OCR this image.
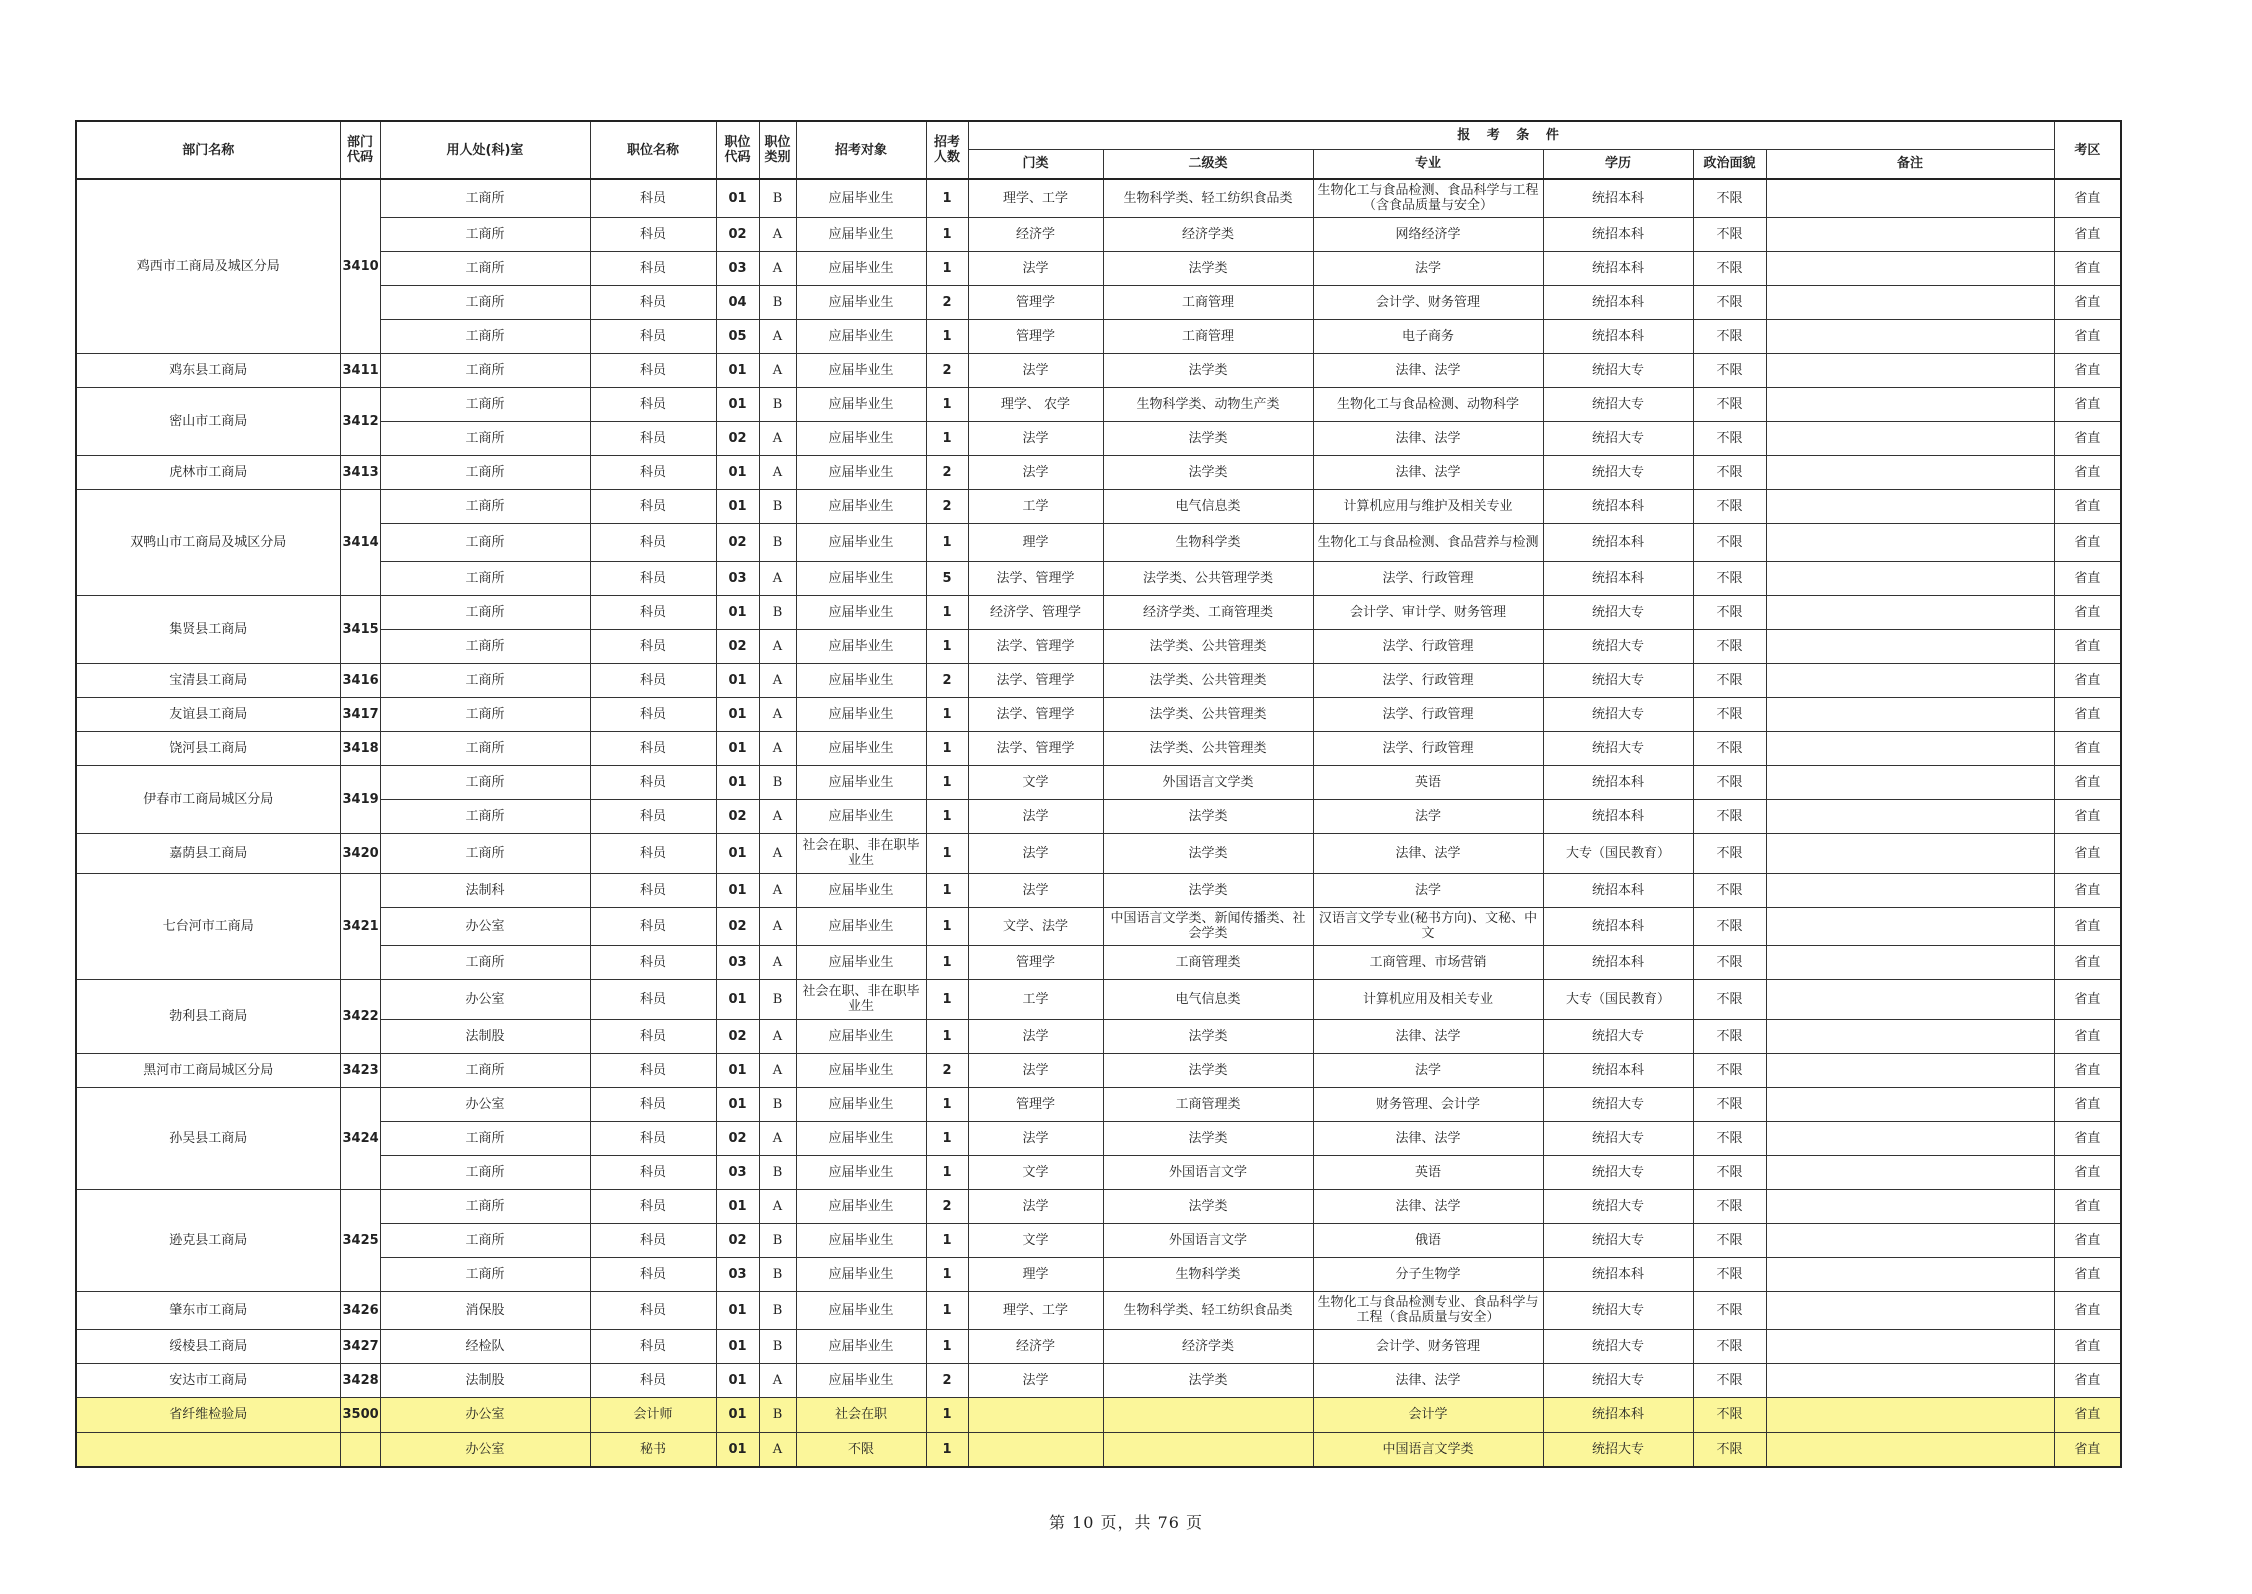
部门名称	部门代码	用人处(科)室	职位名称	职位代码	职位类别	招考对象	招考人数	报 考 条 件						考区
								门类	二级类	专业	学历	政治面貌	备注	
鸡西市工商局及城区分局	3410	工商所	科员	01	B	应届毕业生	1	理学、工学	生物科学类、轻工纺织食品类	生物化工与食品检测、食品科学与工程（含食品质量与安全）	统招本科	不限		省直
		工商所	科员	02	A	应届毕业生	1	经济学	经济学类	网络经济学	统招本科	不限		省直
		工商所	科员	03	A	应届毕业生	1	法学	法学类	法学	统招本科	不限		省直
		工商所	科员	04	B	应届毕业生	2	管理学	工商管理	会计学、财务管理	统招本科	不限		省直
		工商所	科员	05	A	应届毕业生	1	管理学	工商管理	电子商务	统招本科	不限		省直
鸡东县工商局	3411	工商所	科员	01	A	应届毕业生	2	法学	法学类	法律、法学	统招大专	不限		省直
密山市工商局	3412	工商所	科员	01	B	应届毕业生	1	理学、 农学	生物科学类、动物生产类	生物化工与食品检测、动物科学	统招大专	不限		省直
		工商所	科员	02	A	应届毕业生	1	法学	法学类	法律、法学	统招大专	不限		省直
虎林市工商局	3413	工商所	科员	01	A	应届毕业生	2	法学	法学类	法律、法学	统招大专	不限		省直
双鸭山市工商局及城区分局	3414	工商所	科员	01	B	应届毕业生	2	工学	电气信息类	计算机应用与维护及相关专业	统招本科	不限		省直
		工商所	科员	02	B	应届毕业生	1	理学	生物科学类	生物化工与食品检测、食品营养与检测	统招本科	不限		省直
		工商所	科员	03	A	应届毕业生	5	法学、管理学	法学类、公共管理学类	法学、行政管理	统招本科	不限		省直
集贤县工商局	3415	工商所	科员	01	B	应届毕业生	1	经济学、管理学	经济学类、工商管理类	会计学、审计学、财务管理	统招大专	不限		省直
		工商所	科员	02	A	应届毕业生	1	法学、管理学	法学类、公共管理类	法学、行政管理	统招大专	不限		省直
宝清县工商局	3416	工商所	科员	01	A	应届毕业生	2	法学、管理学	法学类、公共管理类	法学、行政管理	统招大专	不限		省直
友谊县工商局	3417	工商所	科员	01	A	应届毕业生	1	法学、管理学	法学类、公共管理类	法学、行政管理	统招大专	不限		省直
饶河县工商局	3418	工商所	科员	01	A	应届毕业生	1	法学、管理学	法学类、公共管理类	法学、行政管理	统招大专	不限		省直
伊春市工商局城区分局	3419	工商所	科员	01	B	应届毕业生	1	文学	外国语言文学类	英语	统招本科	不限		省直
		工商所	科员	02	A	应届毕业生	1	法学	法学类	法学	统招本科	不限		省直
嘉荫县工商局	3420	工商所	科员	01	A	社会在职、非在职毕业生	1	法学	法学类	法律、法学	大专（国民教育）	不限		省直
七台河市工商局	3421	法制科	科员	01	A	应届毕业生	1	法学	法学类	法学	统招本科	不限		省直
		办公室	科员	02	A	应届毕业生	1	文学、法学	中国语言文学类、新闻传播类、社会学类	汉语言文学专业(秘书方向)、文秘、中文	统招本科	不限		省直
		工商所	科员	03	A	应届毕业生	1	管理学	工商管理类	工商管理、市场营销	统招本科	不限		省直
勃利县工商局	3422	办公室	科员	01	B	社会在职、非在职毕业生	1	工学	电气信息类	计算机应用及相关专业	大专（国民教育）	不限		省直
		法制股	科员	02	A	应届毕业生	1	法学	法学类	法律、法学	统招大专	不限		省直
黑河市工商局城区分局	3423	工商所	科员	01	A	应届毕业生	2	法学	法学类	法学	统招本科	不限		省直
孙吴县工商局	3424	办公室	科员	01	B	应届毕业生	1	管理学	工商管理类	财务管理、会计学	统招大专	不限		省直
		工商所	科员	02	A	应届毕业生	1	法学	法学类	法律、法学	统招大专	不限		省直
		工商所	科员	03	B	应届毕业生	1	文学	外国语言文学	英语	统招大专	不限		省直
逊克县工商局	3425	工商所	科员	01	A	应届毕业生	2	法学	法学类	法律、法学	统招大专	不限		省直
		工商所	科员	02	B	应届毕业生	1	文学	外国语言文学	俄语	统招大专	不限		省直
		工商所	科员	03	B	应届毕业生	1	理学	生物科学类	分子生物学	统招本科	不限		省直
肇东市工商局	3426	消保股	科员	01	B	应届毕业生	1	理学、工学	生物科学类、轻工纺织食品类	生物化工与食品检测专业、食品科学与工程（食品质量与安全）	统招大专	不限		省直
绥棱县工商局	3427	经检队	科员	01	B	应届毕业生	1	经济学	经济学类	会计学、财务管理	统招大专	不限		省直
安达市工商局	3428	法制股	科员	01	A	应届毕业生	2	法学	法学类	法律、法学	统招大专	不限		省直
省纤维检验局	3500	办公室	会计师	01	B	社会在职	1			会计学	统招本科	不限		省直
		办公室	秘书	01	A	不限	1			中国语言文学类	统招大专	不限		省直
第 10 页，共 76 页
